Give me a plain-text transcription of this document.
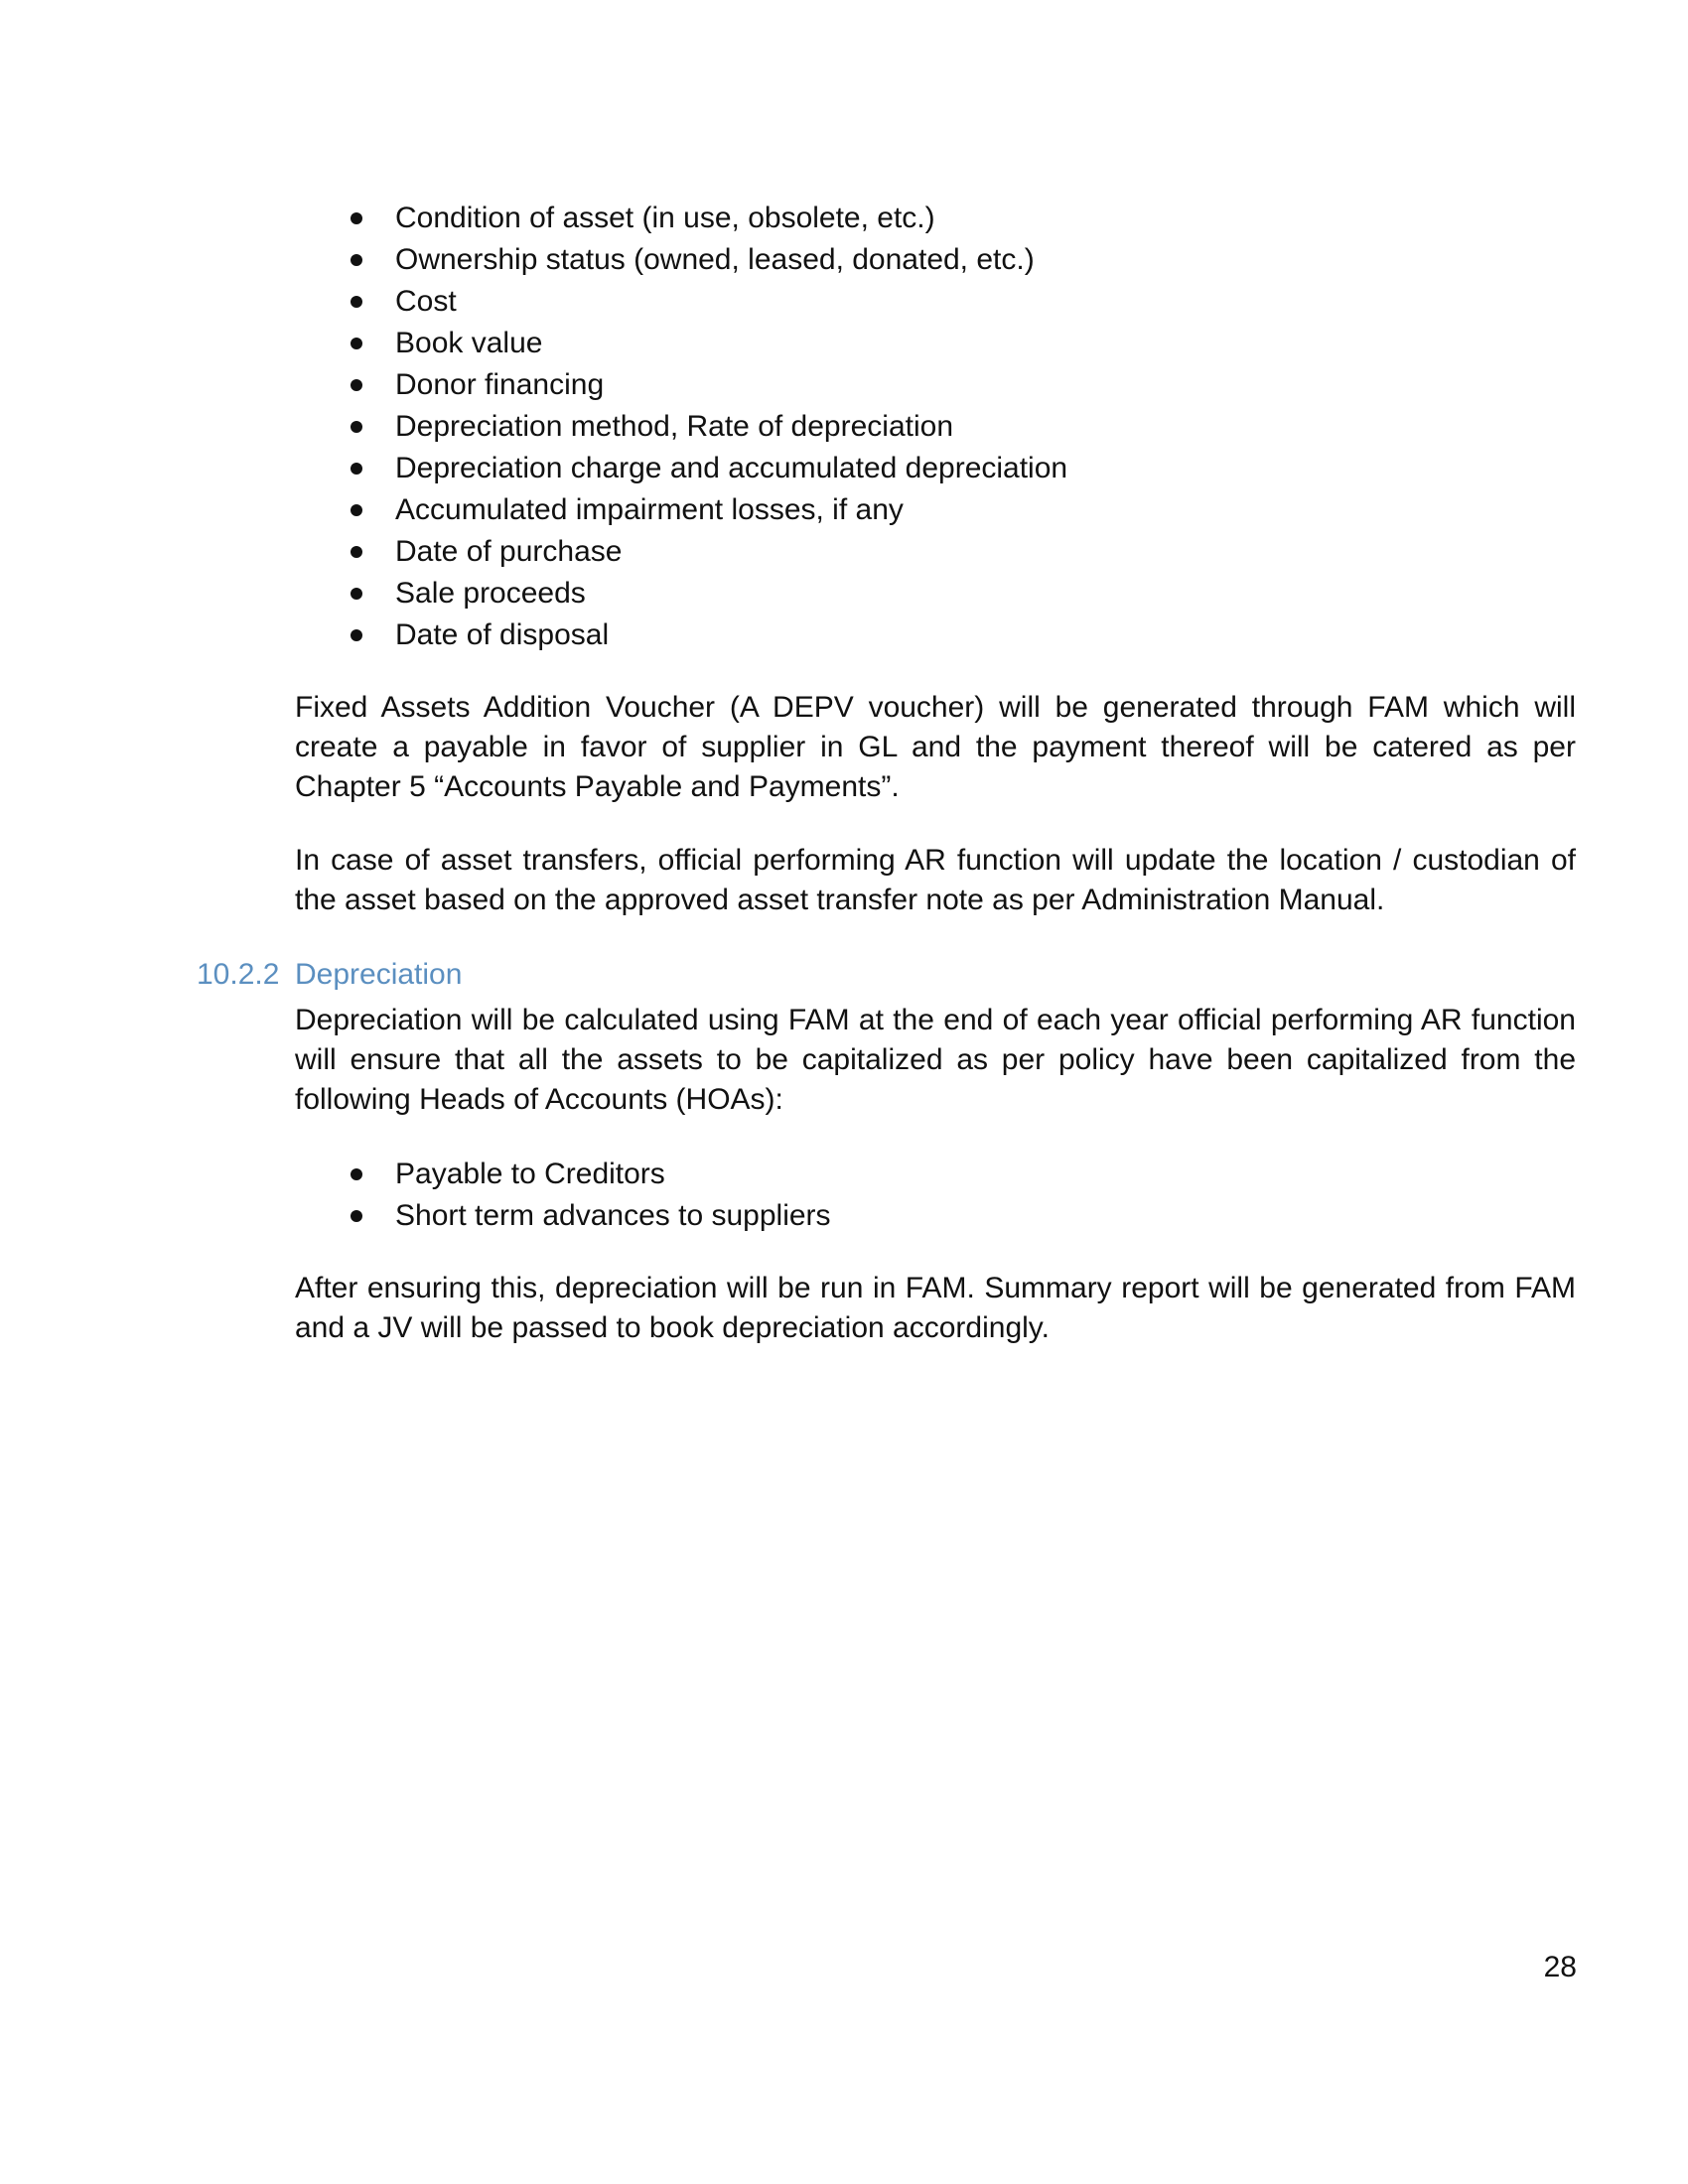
Condition of asset (in use, obsolete, etc.)
Ownership status (owned, leased, donated, etc.)
Cost
Book value
Donor financing
Depreciation method, Rate of depreciation
Depreciation charge and accumulated depreciation
Accumulated impairment losses, if any
Date of purchase
Sale proceeds
Date of disposal

Fixed Assets Addition Voucher (A DEPV voucher) will be generated through FAM which will create a payable in favor of supplier in GL and the payment thereof will be catered as per Chapter 5 “Accounts Payable and Payments”.

In case of asset transfers, official performing AR function will update the location / custodian of the asset based on the approved asset transfer note as per Administration Manual.

10.2.2 Depreciation

Depreciation will be calculated using FAM at the end of each year official performing AR function will ensure that all the assets to be capitalized as per policy have been capitalized from the following Heads of Accounts (HOAs):

Payable to Creditors
Short term advances to suppliers

After ensuring this, depreciation will be run in FAM. Summary report will be generated from FAM and a JV will be passed to book depreciation accordingly.

28
